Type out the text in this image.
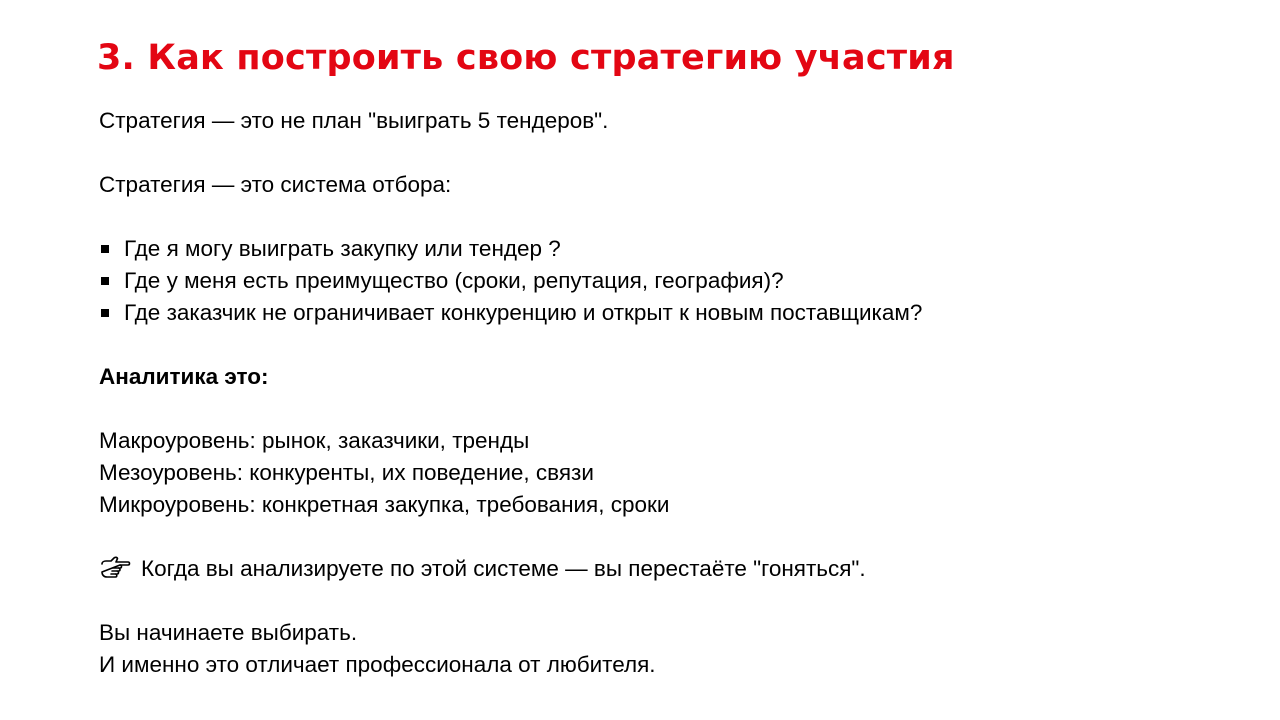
3. Как построить свою стратегию участия
Стратегия — это не план "выиграть 5 тендеров".
Стратегия — это система отбора:
Где я могу выиграть закупку или тендер ?
Где у меня есть преимущество (сроки, репутация, география)?
Где заказчик не ограничивает конкуренцию и открыт к новым поставщикам?
Аналитика это:
Макроуровень: рынок, заказчики, тренды
Мезоуровень: конкуренты, их поведение, связи
Микроуровень: конкретная закупка, требования, сроки
Когда вы анализируете по этой системе — вы перестаёте "гоняться".
Вы начинаете выбирать.
И именно это отличает профессионала от любителя.
